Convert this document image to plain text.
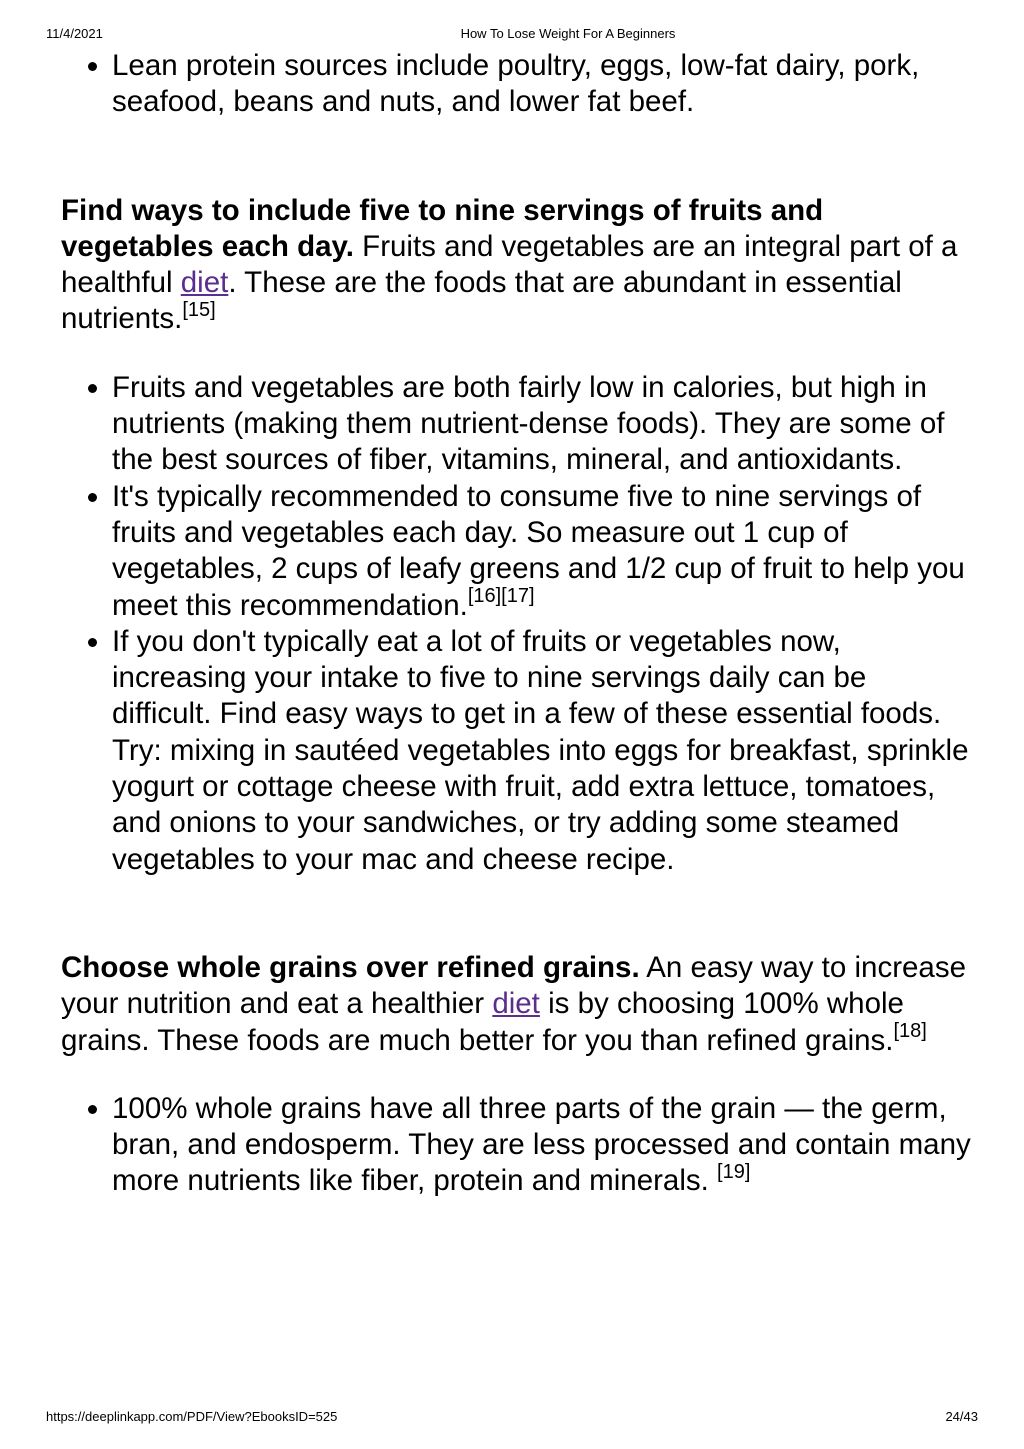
11/4/2021	How To Lose Weight For A Beginners
• Lean protein sources include poultry, eggs, low-fat dairy, pork, seafood, beans and nuts, and lower fat beef.

Find ways to include five to nine servings of fruits and vegetables each day. Fruits and vegetables are an integral part of a healthful diet. These are the foods that are abundant in essential nutrients.[15]

• Fruits and vegetables are both fairly low in calories, but high in nutrients (making them nutrient-dense foods). They are some of the best sources of fiber, vitamins, mineral, and antioxidants.
• It's typically recommended to consume five to nine servings of fruits and vegetables each day. So measure out 1 cup of vegetables, 2 cups of leafy greens and 1/2 cup of fruit to help you meet this recommendation.[16][17]
• If you don't typically eat a lot of fruits or vegetables now, increasing your intake to five to nine servings daily can be difficult. Find easy ways to get in a few of these essential foods. Try: mixing in sautéed vegetables into eggs for breakfast, sprinkle yogurt or cottage cheese with fruit, add extra lettuce, tomatoes, and onions to your sandwiches, or try adding some steamed vegetables to your mac and cheese recipe.

Choose whole grains over refined grains. An easy way to increase your nutrition and eat a healthier diet is by choosing 100% whole grains. These foods are much better for you than refined grains.[18]

• 100% whole grains have all three parts of the grain — the germ, bran, and endosperm. They are less processed and contain many more nutrients like fiber, protein and minerals. [19]
https://deeplinkapp.com/PDF/View?EbooksID=525	24/43
